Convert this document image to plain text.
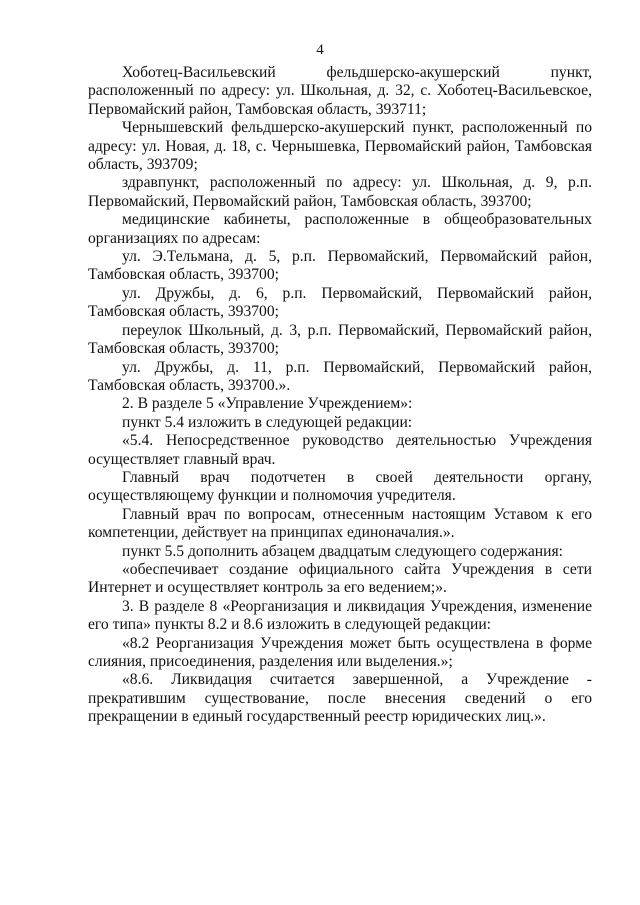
4

Хоботец-Васильевский фельдшерско-акушерский пункт, расположенный по адресу: ул. Школьная, д. 32, с. Хоботец-Васильевское, Первомайский район, Тамбовская область, 393711;

Чернышевский фельдшерско-акушерский пункт, расположенный по адресу: ул. Новая, д. 18, с. Чернышевка, Первомайский район, Тамбовская область, 393709;

здравпункт, расположенный по адресу: ул. Школьная, д. 9, р.п. Первомайский, Первомайский район, Тамбовская область, 393700;

медицинские кабинеты, расположенные в общеобразовательных организациях по адресам:

ул. Э.Тельмана, д. 5, р.п. Первомайский, Первомайский район, Тамбовская область, 393700;

ул. Дружбы, д. 6, р.п. Первомайский, Первомайский район, Тамбовская область, 393700;

переулок Школьный, д. 3, р.п. Первомайский, Первомайский район, Тамбовская область, 393700;

ул. Дружбы, д. 11, р.п. Первомайский, Первомайский район, Тамбовская область, 393700.».

2. В разделе 5 «Управление Учреждением»:

пункт 5.4 изложить в следующей редакции:

«5.4. Непосредственное руководство деятельностью Учреждения осуществляет главный врач.

Главный врач подотчетен в своей деятельности органу, осуществляющему функции и полномочия учредителя.

Главный врач по вопросам, отнесенным настоящим Уставом к его компетенции, действует на принципах единоначалия.».

пункт 5.5 дополнить абзацем двадцатым следующего содержания:

«обеспечивает создание официального сайта Учреждения в сети Интернет и осуществляет контроль за его ведением;».

3. В разделе 8 «Реорганизация и ликвидация Учреждения, изменение его типа» пункты 8.2 и 8.6 изложить в следующей редакции:

«8.2 Реорганизация Учреждения может быть осуществлена в форме слияния, присоединения, разделения или выделения.»;

«8.6. Ликвидация считается завершенной, а Учреждение - прекратившим существование, после внесения сведений о его прекращении в единый государственный реестр юридических лиц.».
